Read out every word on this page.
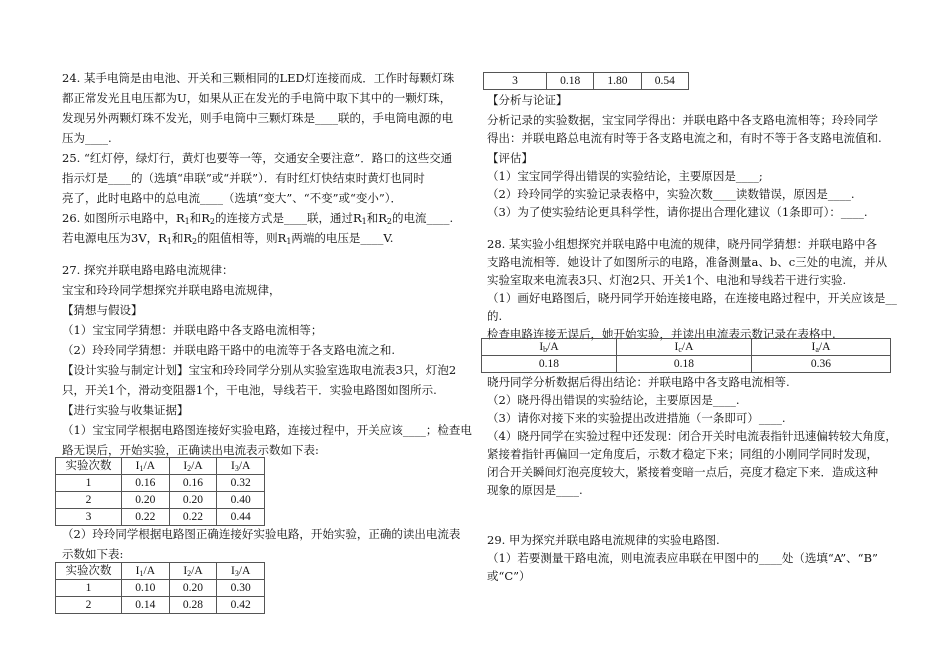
24. 某手电筒是由电池、开关和三颗相同的LED灯连接而成．工作时每颗灯珠
都正常发光且电压都为U，如果从正在发光的手电筒中取下其中的一颗灯珠，
发现另外两颗灯珠不发光，则手电筒中三颗灯珠是____联的，手电筒电源的电
压为____.
25. “红灯停，绿灯行，黄灯也要等一等，交通安全要注意”．路口的这些交通
指示灯是____的（选填“串联”或“并联”）．有时红灯快结束时黄灯也同时
亮了，此时电路中的总电流____（选填“变大”、“不变”或“变小”）．
26. 如图所示电路中，$R_1$和$R_2$的连接方式是____联，通过$R_1$和$R_2$的电流____.
若电源电压为3V，$R_1$和$R_2$的阻值相等，则$R_1$两端的电压是____V.
27. 探究并联电路电路电流规律：
宝宝和玲玲同学想探究并联电路电流规律，
【猜想与假设】
（1）宝宝同学猜想：并联电路中各支路电流相等；
（2）玲玲同学猜想：并联电路干路中的电流等于各支路电流之和.
【设计实验与制定计划】宝宝和玲玲同学分别从实验室选取电流表3只，灯泡2
只，开关1个，滑动变阻器1个，干电池，导线若干．实验电路图如图所示.
【进行实验与收集证据】
（1）宝宝同学根据电路图连接好实验电路，连接过程中，开关应该____；检查电
路无误后，开始实验，正确读出电流表示数如下表:
实验次数	$I_1/A$	$I_2/A$	$I_3/A$
1	0.16	0.16	0.32
2	0.20	0.20	0.40
3	0.22	0.22	0.44
（2）玲玲同学根据电路图正确连接好实验电路，开始实验，正确的读出电流表
示数如下表:
实验次数	$I_1/A$	$I_2/A$	$I_3/A$
1	0.10	0.20	0.30
2	0.14	0.28	0.42
3	0.18	1.80	0.54
【分析与论证】
分析记录的实验数据，宝宝同学得出：并联电路中各支路电流相等；玲玲同学
得出：并联电路总电流有时等于各支路电流之和，有时不等于各支路电流值和.
【评估】
（1）宝宝同学得出错误的实验结论，主要原因是____;
（2）玲玲同学的实验记录表格中，实验次数____读数错误，原因是____.
（3）为了使实验结论更具科学性，请你提出合理化建议（1条即可）：____.
28. 某实验小组想探究并联电路中电流的规律，晓丹同学猜想：并联电路中各
支路电流相等．她设计了如图所示的电路，准备测量a、b、c三处的电流，并从
实验室取来电流表3只、灯泡2只、开关1个、电池和导线若干进行实验.
（1）画好电路图后，晓丹同学开始连接电路，在连接电路过程中，开关应该是__
的.
检查电路连接无误后，她开始实验，并读出电流表示数记录在表格中.
$I_b/A$	$I_c/A$	$I_a/A$
0.18	0.18	0.36
晓丹同学分析数据后得出结论：并联电路中各支路电流相等.
（2）晓丹得出错误的实验结论，主要原因是____.
（3）请你对接下来的实验提出改进措施（一条即可）____.
（4）晓丹同学在实验过程中还发现：闭合开关时电流表指针迅速偏转较大角度，
紧接着指针再偏回一定角度后，示数才稳定下来；同组的小刚同学同时发现，
闭合开关瞬间灯泡亮度较大，紧接着变暗一点后，亮度才稳定下来．造成这种
现象的原因是____.
29. 甲为探究并联电路电流规律的实验电路图.
（1）若要测量干路电流，则电流表应串联在甲图中的____处（选填“A”、“B”
或“C”）
